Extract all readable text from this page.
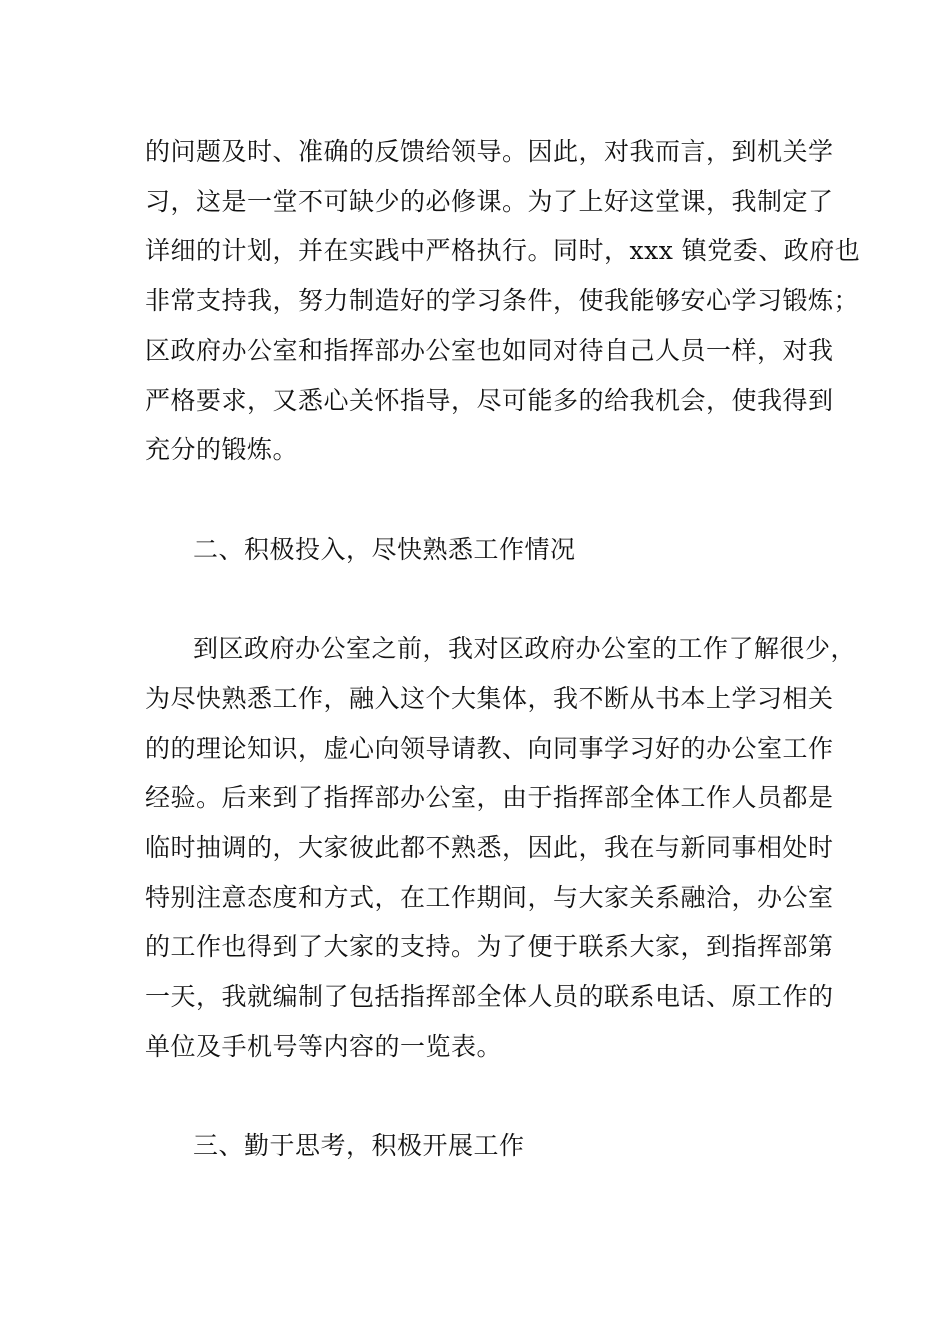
的问题及时、准确的反馈给领导。因此，对我而言，到机关学
习，这是一堂不可缺少的必修课。为了上好这堂课，我制定了
详细的计划，并在实践中严格执行。同时，xxx 镇党委、政府也
非常支持我，努力制造好的学习条件，使我能够安心学习锻炼；
区政府办公室和指挥部办公室也如同对待自己人员一样，对我
严格要求，又悉心关怀指导，尽可能多的给我机会，使我得到
充分的锻炼。
二、积极投入，尽快熟悉工作情况
到区政府办公室之前，我对区政府办公室的工作了解很少，
为尽快熟悉工作，融入这个大集体，我不断从书本上学习相关
的的理论知识，虚心向领导请教、向同事学习好的办公室工作
经验。后来到了指挥部办公室，由于指挥部全体工作人员都是
临时抽调的，大家彼此都不熟悉，因此，我在与新同事相处时
特别注意态度和方式，在工作期间，与大家关系融洽，办公室
的工作也得到了大家的支持。为了便于联系大家，到指挥部第
一天，我就编制了包括指挥部全体人员的联系电话、原工作的
单位及手机号等内容的一览表。
三、勤于思考，积极开展工作
